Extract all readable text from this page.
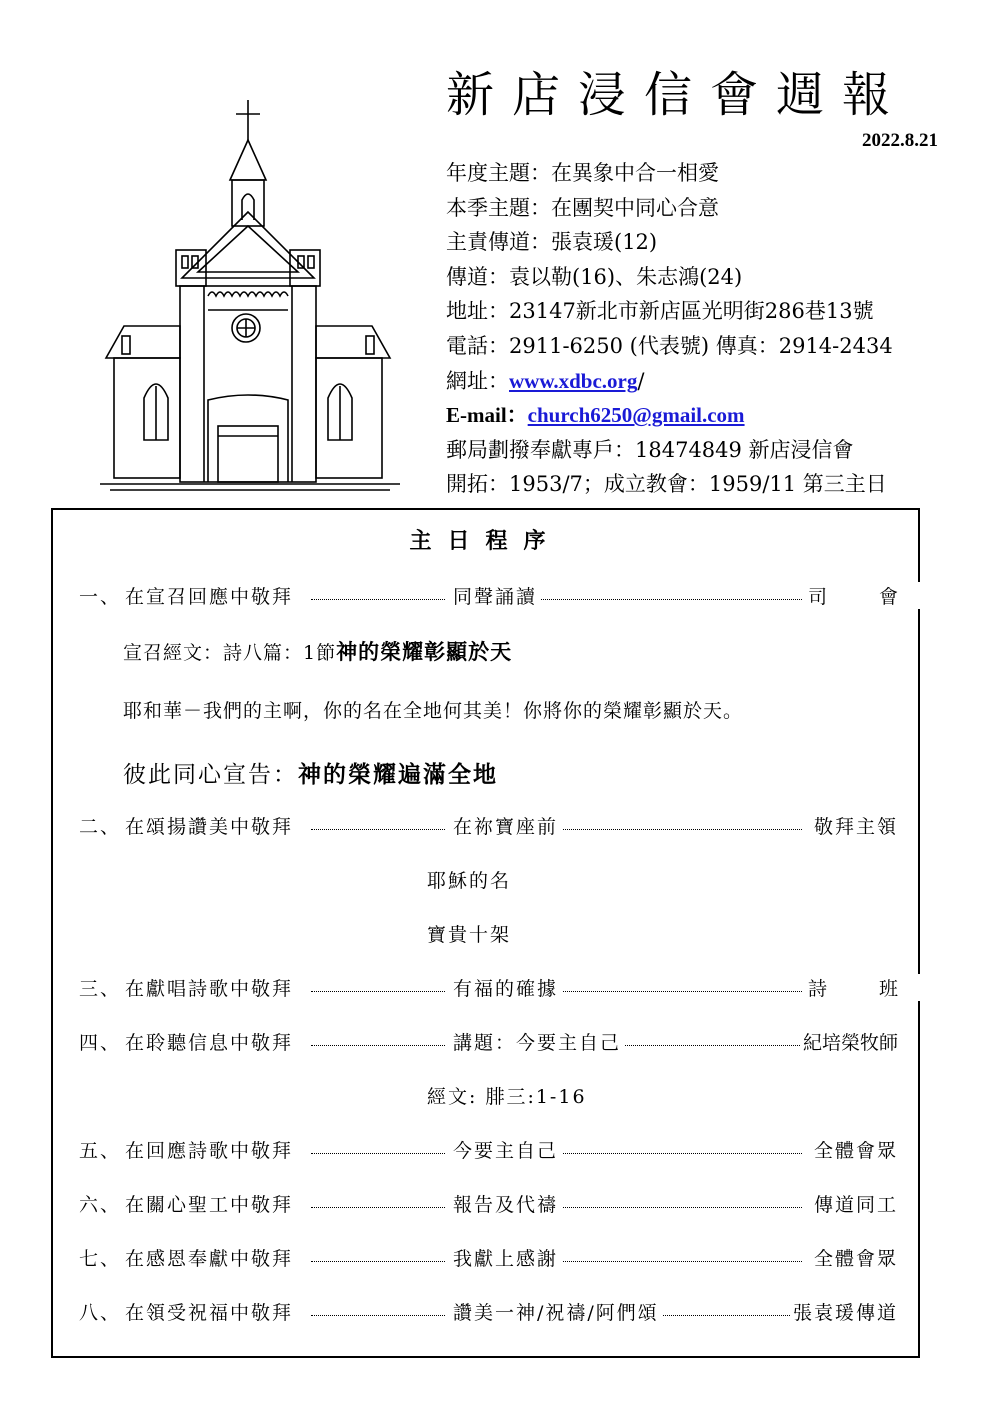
新店浸信會週報
2022.8.21
年度主題：在異象中合一相愛
本季主題：在團契中同心合意
主責傳道：張袁瑗(12)
傳道：袁以勒(16)、朱志鴻(24)
地址：23147新北市新店區光明街286巷13號
電話：2911-6250 (代表號) 傳真：2914-2434
網址：www.xdbc.org/
E-mail：church6250@gmail.com
郵局劃撥奉獻專戶：18474849 新店浸信會
開拓：1953/7；成立教會：1959/11 第三主日
主日程序
一、 在宣召回應中敬拜	同聲誦讀	司會
宣召經文：詩八篇：1節神的榮耀彰顯於天
耶和華－我們的主啊，你的名在全地何其美！你將你的榮耀彰顯於天。
彼此同心宣告：神的榮耀遍滿全地
二、 在頌揚讚美中敬拜	在祢寶座前	敬拜主領
耶穌的名
寶貴十架
三、 在獻唱詩歌中敬拜	有福的確據	詩班
四、 在聆聽信息中敬拜	講題：今要主自己	紀培榮牧師
經文: 腓三:1-16
五、 在回應詩歌中敬拜	今要主自己	全體會眾
六、 在關心聖工中敬拜	報告及代禱	傳道同工
七、 在感恩奉獻中敬拜	我獻上感謝	全體會眾
八、 在領受祝福中敬拜	讚美一神/祝禱/阿們頌	張袁瑗傳道
